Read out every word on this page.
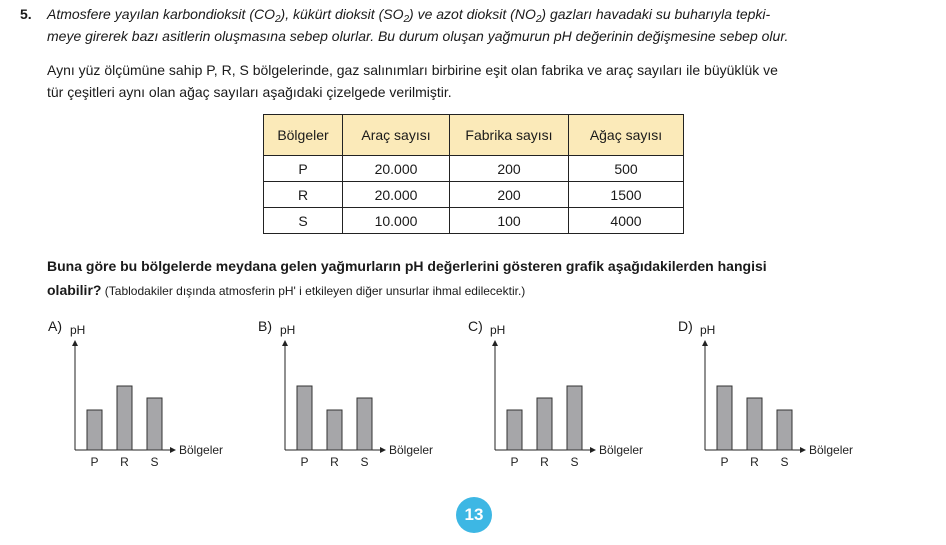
5. Atmosfere yayılan karbondioksit $(CO_2)$, kükürt dioksit $(SO_2)$ ve azot dioksit $(NO_2)$ gazları havadaki su buharıyla tepki-
meye girerek bazı asitlerin oluşmasına sebep olurlar. Bu durum oluşan yağmurun pH değerinin değişmesine sebep olur.
Aynı yüz ölçümüne sahip P, R, S bölgelerinde, gaz salınımları birbirine eşit olan fabrika ve araç sayıları ile büyüklük ve
tür çeşitleri aynı olan ağaç sayıları aşağıdaki çizelgede verilmiştir.
Bölgeler	Araç sayısı	Fabrika sayısı	Ağaç sayısı
P	20.000	200	500
R	20.000	200	1500
S	10.000	100	4000
Buna göre bu bölgelerde meydana gelen yağmurların pH değerlerini gösteren grafik aşağıdakilerden hangisi
olabilir? (Tablodakiler dışında atmosferin pH' i etkileyen diğer unsurlar ihmal edilecektir.)
A) pH
Bölgeler
P R S
B) pH
Bölgeler
P R S
C) pH
Bölgeler
P R S
D) pH
Bölgeler
P R S
13
